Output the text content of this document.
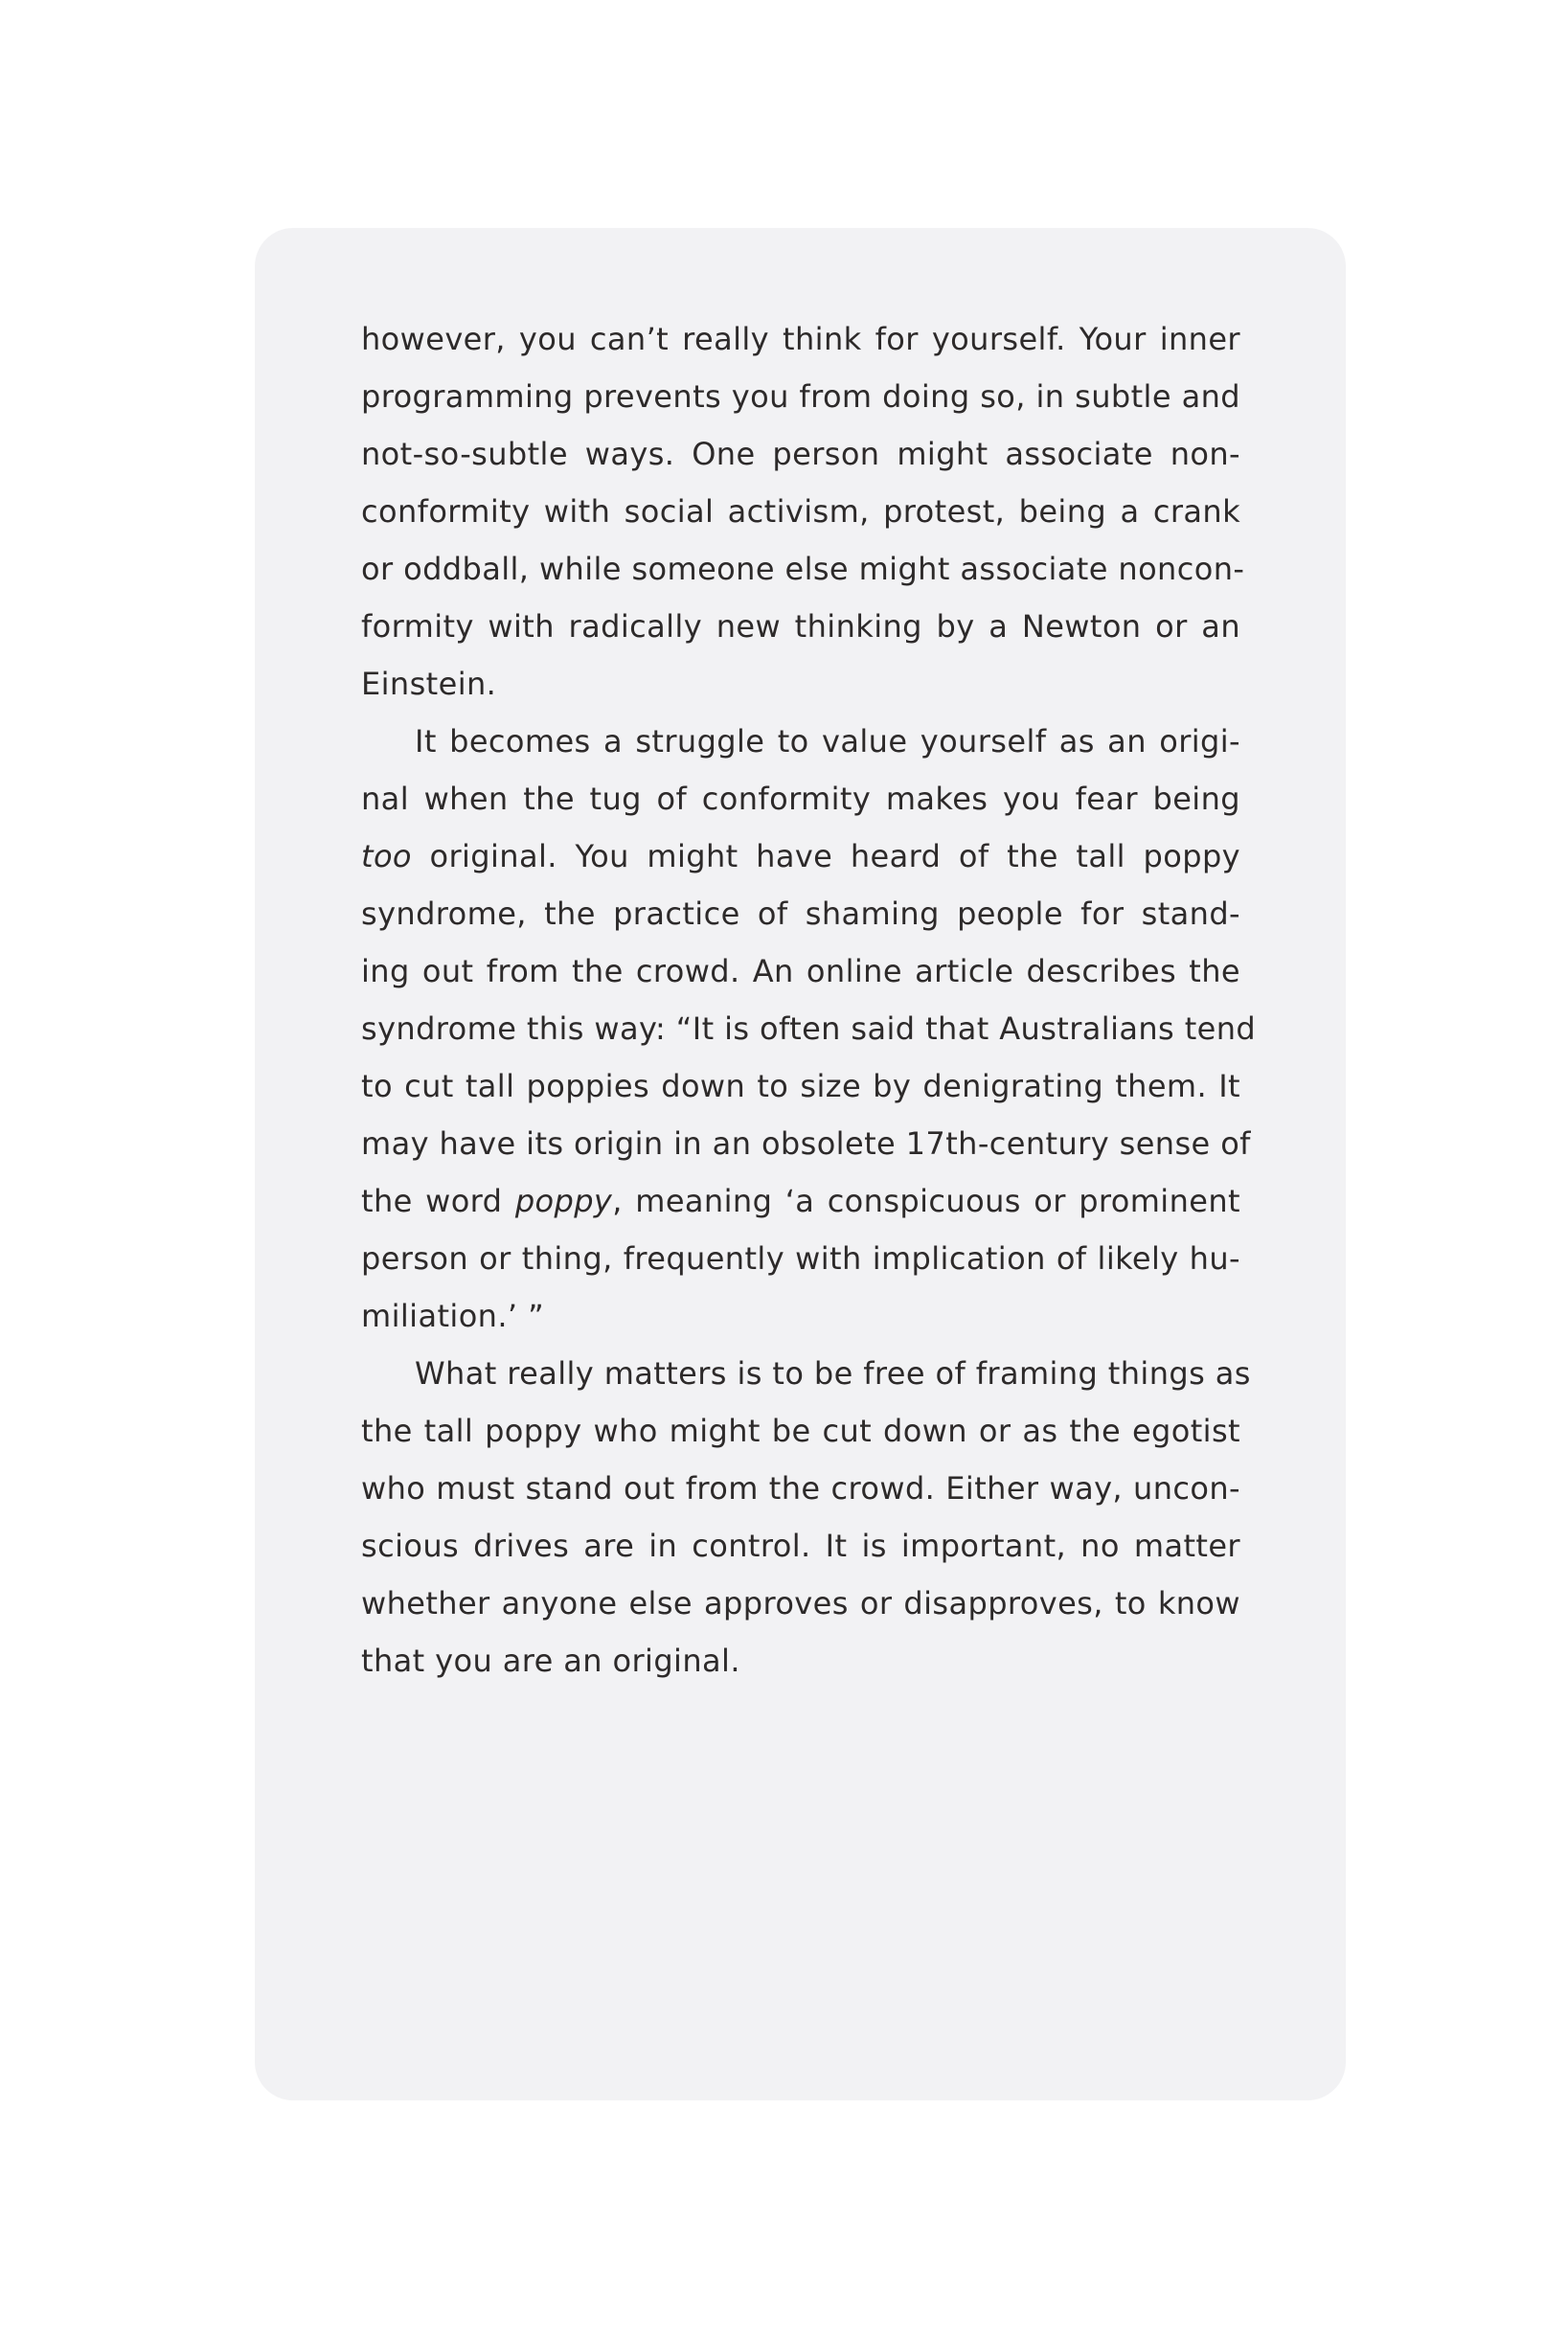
however, you can’t really think for yourself. Your inner
programming prevents you from doing so, in subtle and
not-so-subtle ways. One person might associate non-
conformity with social activism, protest, being a crank
or oddball, while someone else might associate noncon-
formity with radically new thinking by a Newton or an
Einstein.

It becomes a struggle to value yourself as an origi-
nal when the tug of conformity makes you fear being
too original. You might have heard of the tall poppy
syndrome, the practice of shaming people for stand-
ing out from the crowd. An online article describes the
syndrome this way: “It is often said that Australians tend
to cut tall poppies down to size by denigrating them. It
may have its origin in an obsolete 17th-century sense of
the word poppy, meaning ‘a conspicuous or prominent
person or thing, frequently with implication of likely hu-
miliation.’ ”

What really matters is to be free of framing things as
the tall poppy who might be cut down or as the egotist
who must stand out from the crowd. Either way, uncon-
scious drives are in control. It is important, no matter
whether anyone else approves or disapproves, to know
that you are an original.
